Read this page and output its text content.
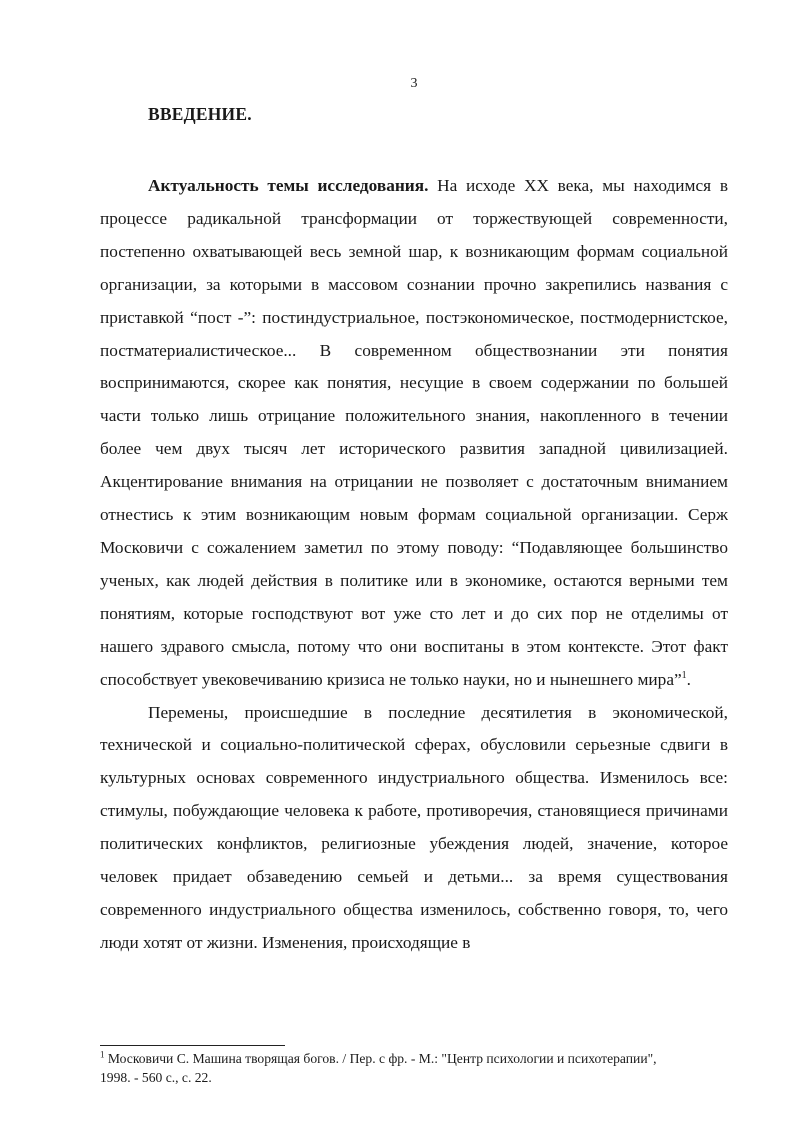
3
ВВЕДЕНИЕ.

Актуальность темы исследования. На исходе XX века, мы находимся в процессе радикальной трансформации от торжествующей современности, постепенно охватывающей весь земной шар, к возникающим формам социальной организации, за которыми в массовом сознании прочно закрепились названия с приставкой “пост -”: постиндустриальное, постэкономическое, постмодернистское, постматериалистическое... В современном обществознании эти понятия воспринимаются, скорее как понятия, несущие в своем содержании по большей части только лишь отрицание положительного знания, накопленного в течении более чем двух тысяч лет исторического развития западной цивилизацией. Акцентирование внимания на отрицании не позволяет с достаточным вниманием отнестись к этим возникающим новым формам социальной организации. Серж Московичи с сожалением заметил по этому поводу: “Подавляющее большинство ученых, как людей действия в политике или в экономике, остаются верными тем понятиям, которые господствуют вот уже сто лет и до сих пор не отделимы от нашего здравого смысла, потому что они воспитаны в этом контексте. Этот факт способствует увековечиванию кризиса не только науки, но и нынешнего мира”$^1$.

Перемены, происшедшие в последние десятилетия в экономической, технической и социально-политической сферах, обусловили серьезные сдвиги в культурных основах современного индустриального общества. Изменилось все: стимулы, побуждающие человека к работе, противоречия, становящиеся причинами политических конфликтов, религиозные убеждения людей, значение, которое человек придает обзаведению семьей и детьми... за время существования современного индустриального общества изменилось, собственно говоря, то, чего люди хотят от жизни. Изменения, происходящие в

$^1$ Московичи С. Машина творящая богов. / Пер. с фр. - М.: "Центр психологии и психотерапии", 1998. - 560 с., с. 22.
